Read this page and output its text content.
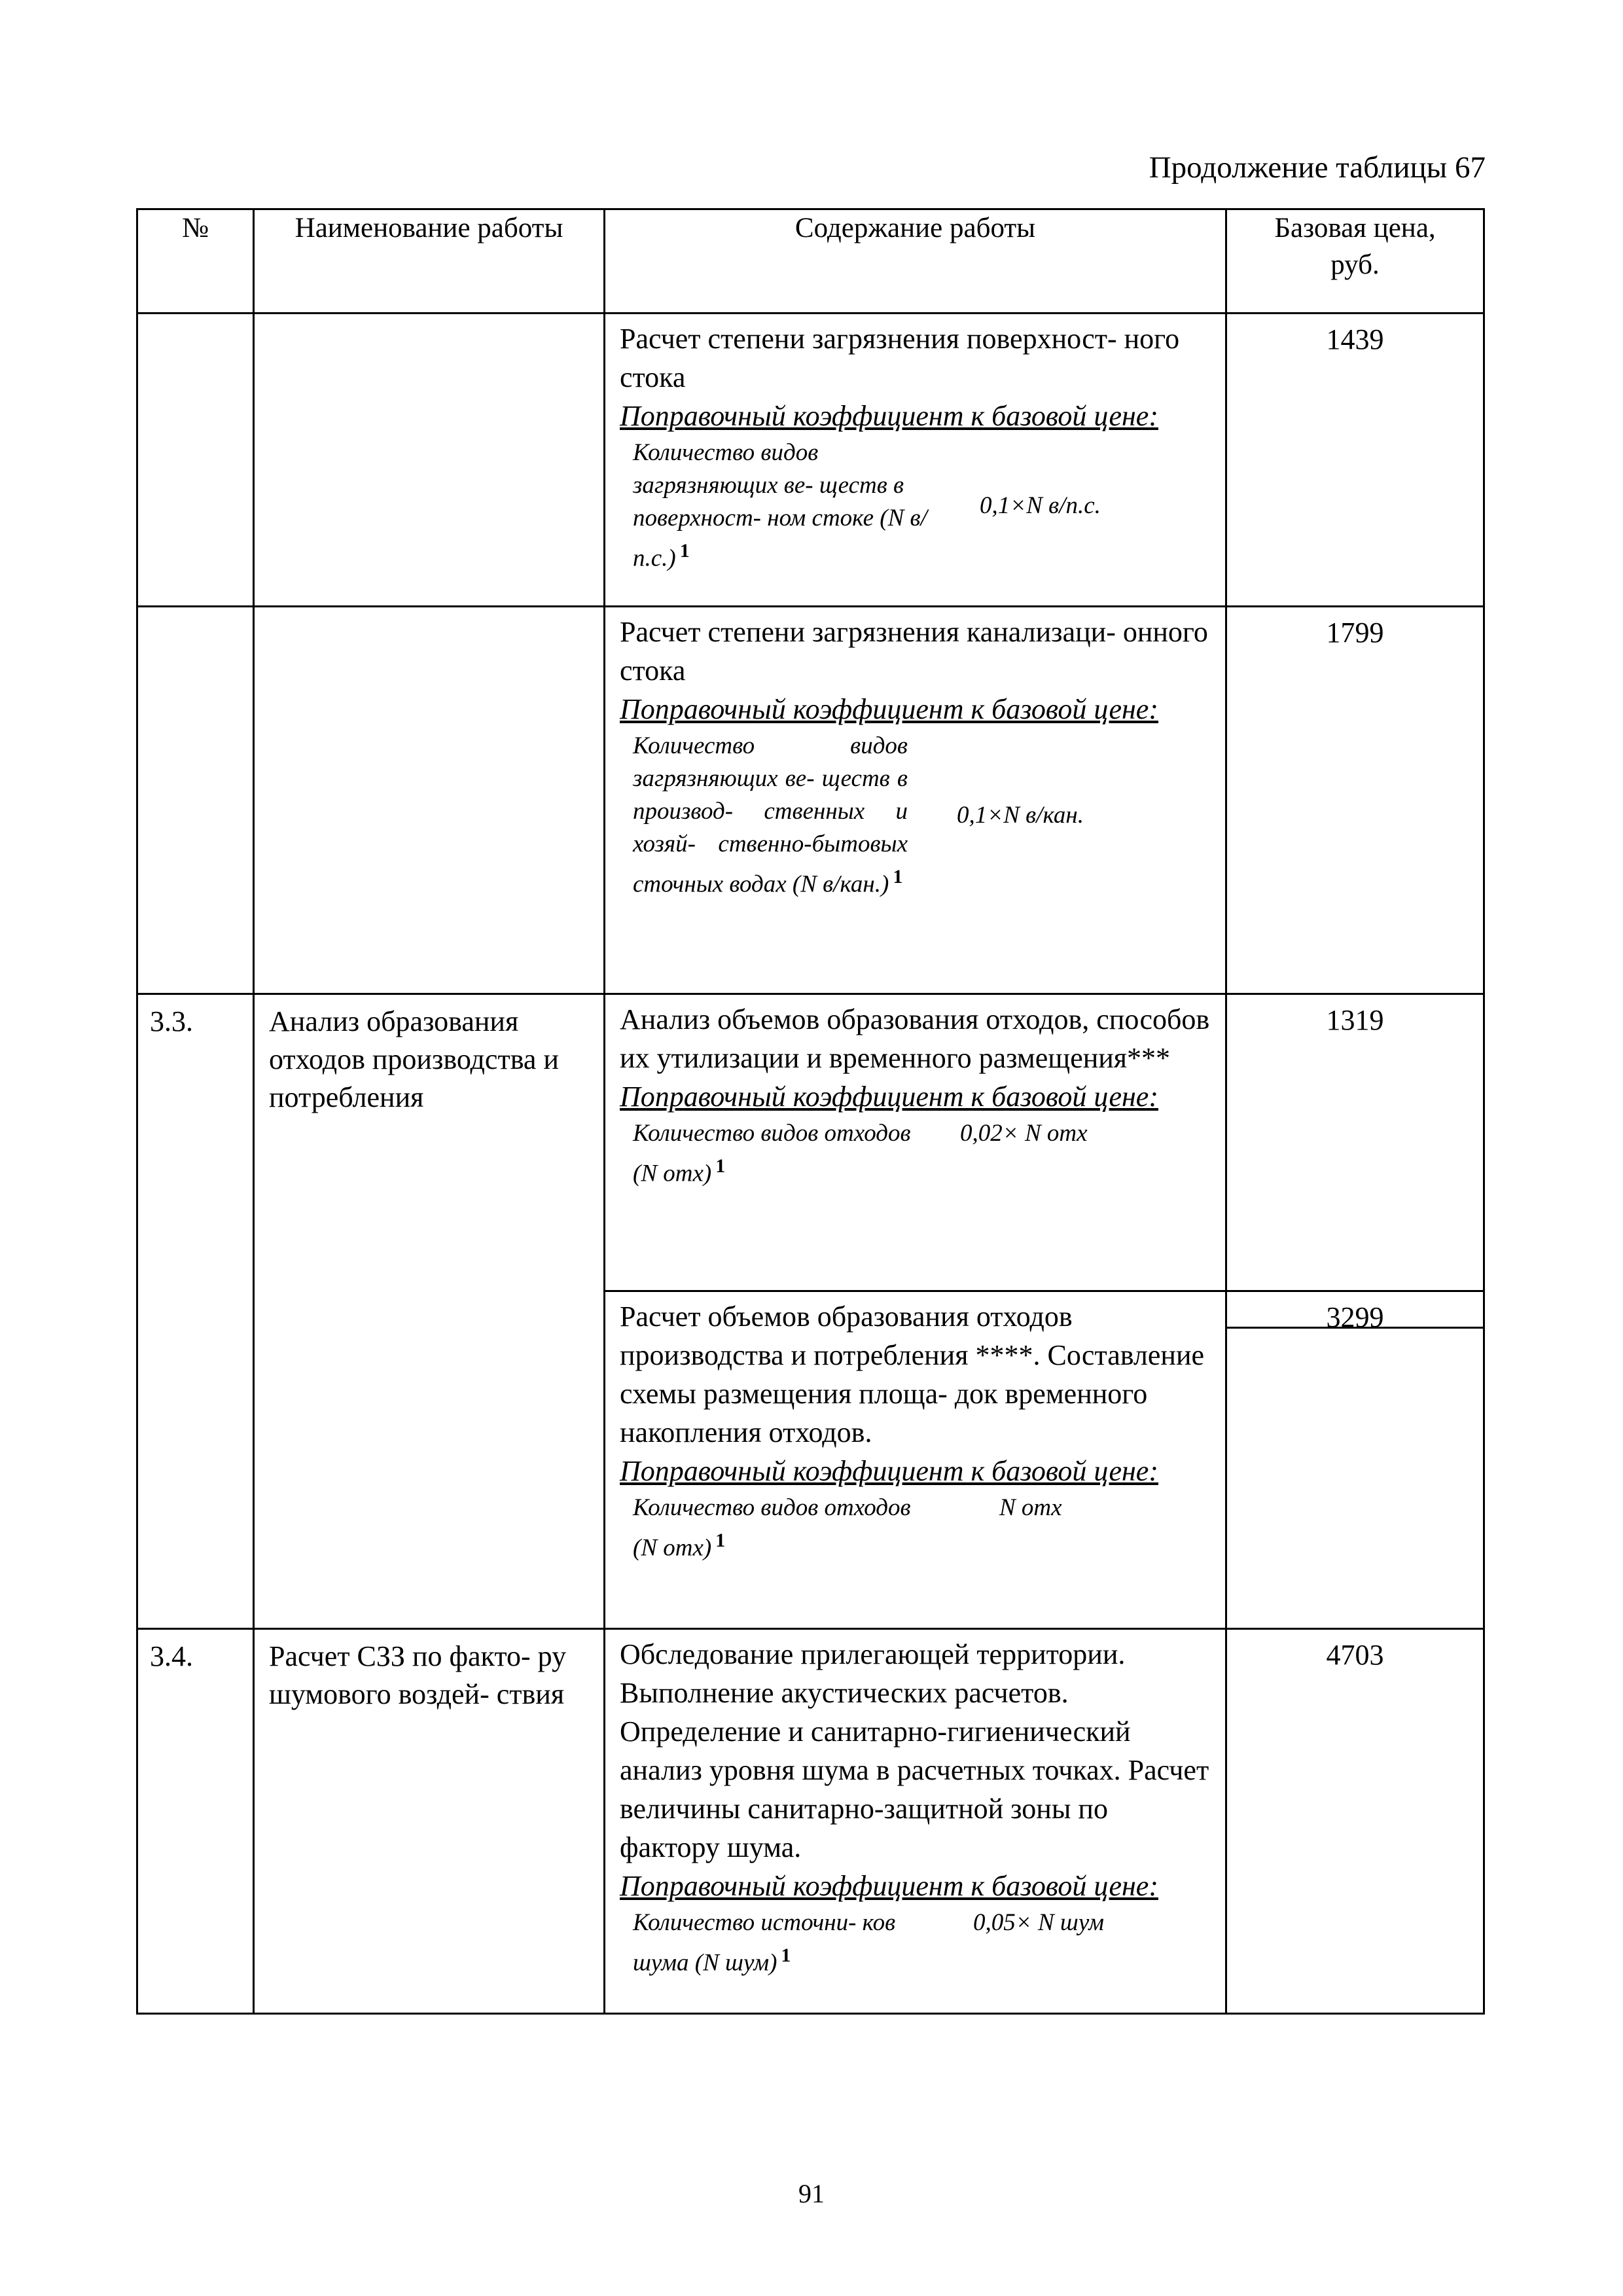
Продолжение таблицы 67
№	Наименование работы	Содержание работы	Базовая цена, руб.

		Расчет степени загрязнения поверхност- ного стока
Поправочный коэффициент к базовой цене:
Количество видов загрязняющих ве- ществ в поверхност- ном стоке (N в/п.с.) $^1$
0,1×N в/п.с.	1439

		Расчет степени загрязнения канализаци- онного стока
Поправочный коэффициент к базовой цене:
Количество видов загрязняющих ве- ществ в производ- ственных и хозяй- ственно-бытовых сточных водах (N в/кан.) $^1$
0,1×N в/кан.	1799
3.3.	Анализ образования отходов производства и потребления	Анализ объемов образования отходов, способов их утилизации и временного размещения***
Поправочный коэффициент к базовой цене:
Количество видов отходов (N отх) $^1$
0,02× N отх	1319

		Расчет объемов образования отходов производства и потребления ****. Составление схемы размещения площа- док временного накопления отходов.
Поправочный коэффициент к базовой цене:
Количество видов отходов (N отх) $^1$
N отх	3299

3.4.	Расчет СЗЗ по факто- ру шумового воздей- ствия	Обследование прилегающей территории. Выполнение акустических расчетов. Определение и санитарно-гигиенический анализ уровня шума в расчетных точках. Расчет величины санитарно-защитной зоны по фактору шума.
Поправочный коэффициент к базовой цене:
Количество источни- ков шума (N шум) $^1$
0,05× N шум	4703
91
